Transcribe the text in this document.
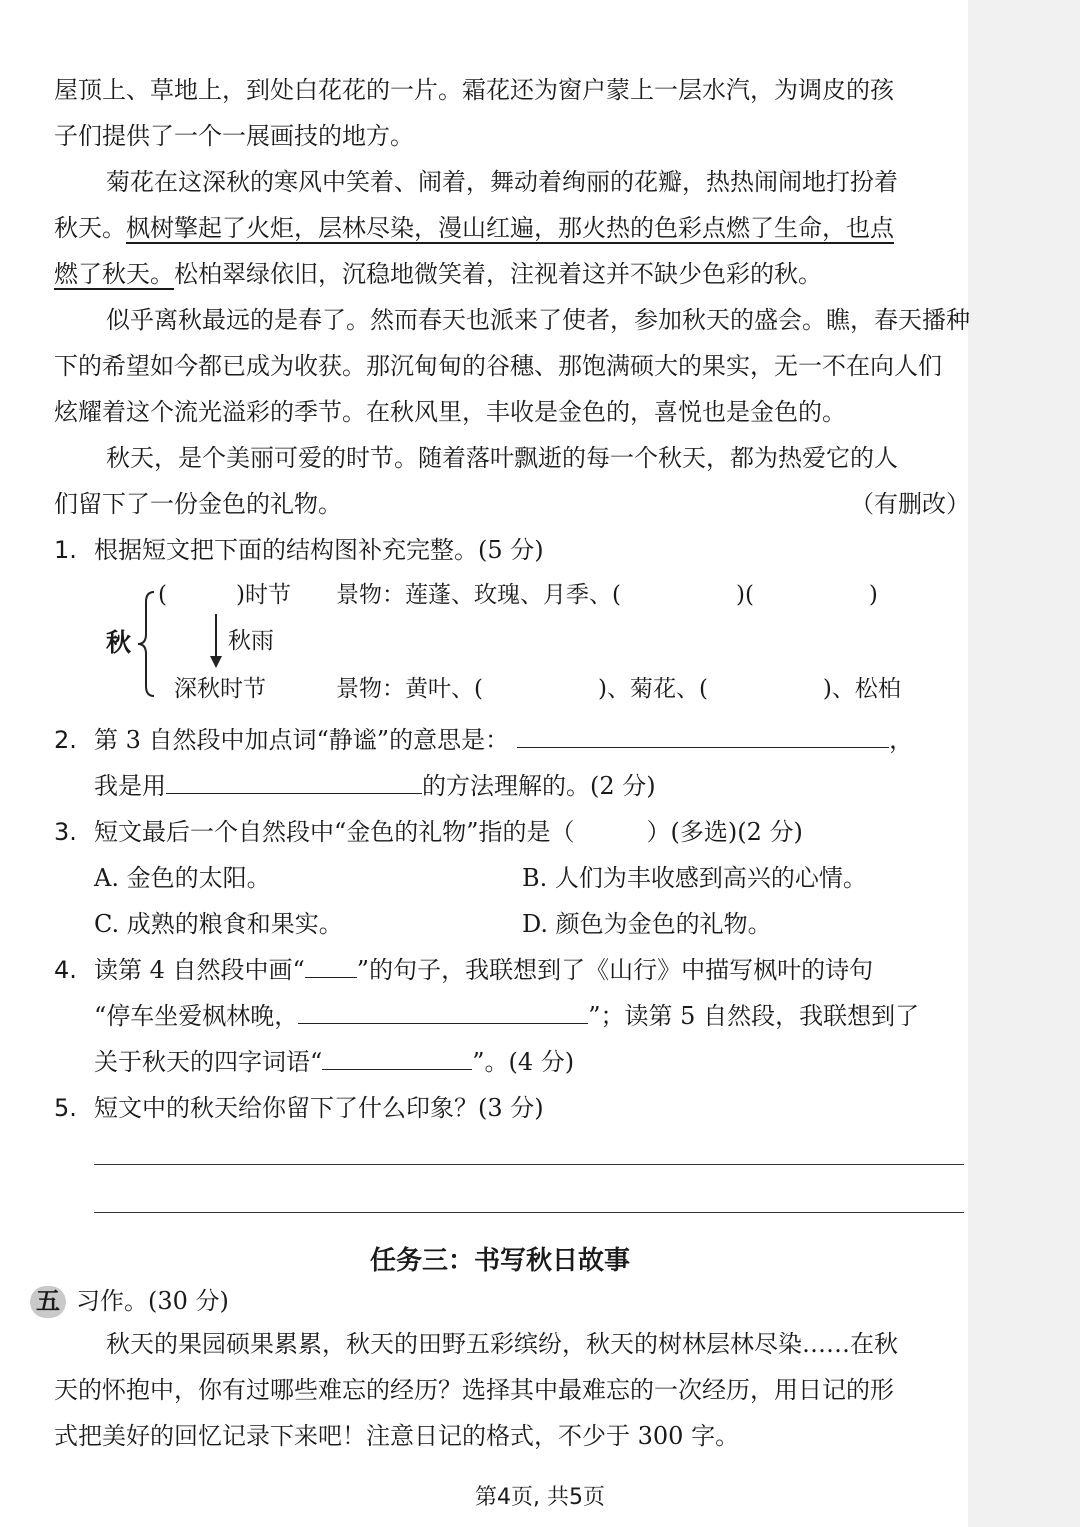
屋顶上、草地上，到处白花花的一片。霜花还为窗户蒙上一层水汽，为调皮的孩
子们提供了一个一展画技的地方。
菊花在这深秋的寒风中笑着、闹着，舞动着绚丽的花瓣，热热闹闹地打扮着
秋天。枫树擎起了火炬，层林尽染，漫山红遍，那火热的色彩点燃了生命，也点
燃了秋天。松柏翠绿依旧，沉稳地微笑着，注视着这并不缺少色彩的秋。
似乎离秋最远的是春了。然而春天也派来了使者，参加秋天的盛会。瞧，春天播种
下的希望如今都已成为收获。那沉甸甸的谷穗、那饱满硕大的果实，无一不在向人们
炫耀着这个流光溢彩的季节。在秋风里，丰收是金色的，喜悦也是金色的。
秋天，是个美丽可爱的时节。随着落叶飘逝的每一个秋天，都为热爱它的人
们留下了一份金色的礼物。	（有删改）
1. 根据短文把下面的结构图补充完整。(5 分)
秋
(　　　)时节 景物：莲蓬、玫瑰、月季、(　　　　　)(　　　　　)
秋雨
深秋时节	景物：黄叶、(　　　　　)、菊花、(　　　　　)、松柏
2. 第 3 自然段中加点词“静谧”的意思是：	，
我是用	的方法理解的。(2 分)
3. 短文最后一个自然段中“金色的礼物”指的是（　　　）(多选)(2 分)
A. 金色的太阳。	B. 人们为丰收感到高兴的心情。
C. 成熟的粮食和果实。	D. 颜色为金色的礼物。
4. 读第 4 自然段中画“ ”的句子，我联想到了《山行》中描写枫叶的诗句
“停车坐爱枫林晚，	”；读第 5 自然段，我联想到了
关于秋天的四字词语“	”。(4 分)
5. 短文中的秋天给你留下了什么印象？(3 分)
任务三：书写秋日故事
五 习作。(30 分)
秋天的果园硕果累累，秋天的田野五彩缤纷，秋天的树林层林尽染……在秋
天的怀抱中，你有过哪些难忘的经历？选择其中最难忘的一次经历，用日记的形
式把美好的回忆记录下来吧！注意日记的格式，不少于 300 字。
第4页, 共5页
